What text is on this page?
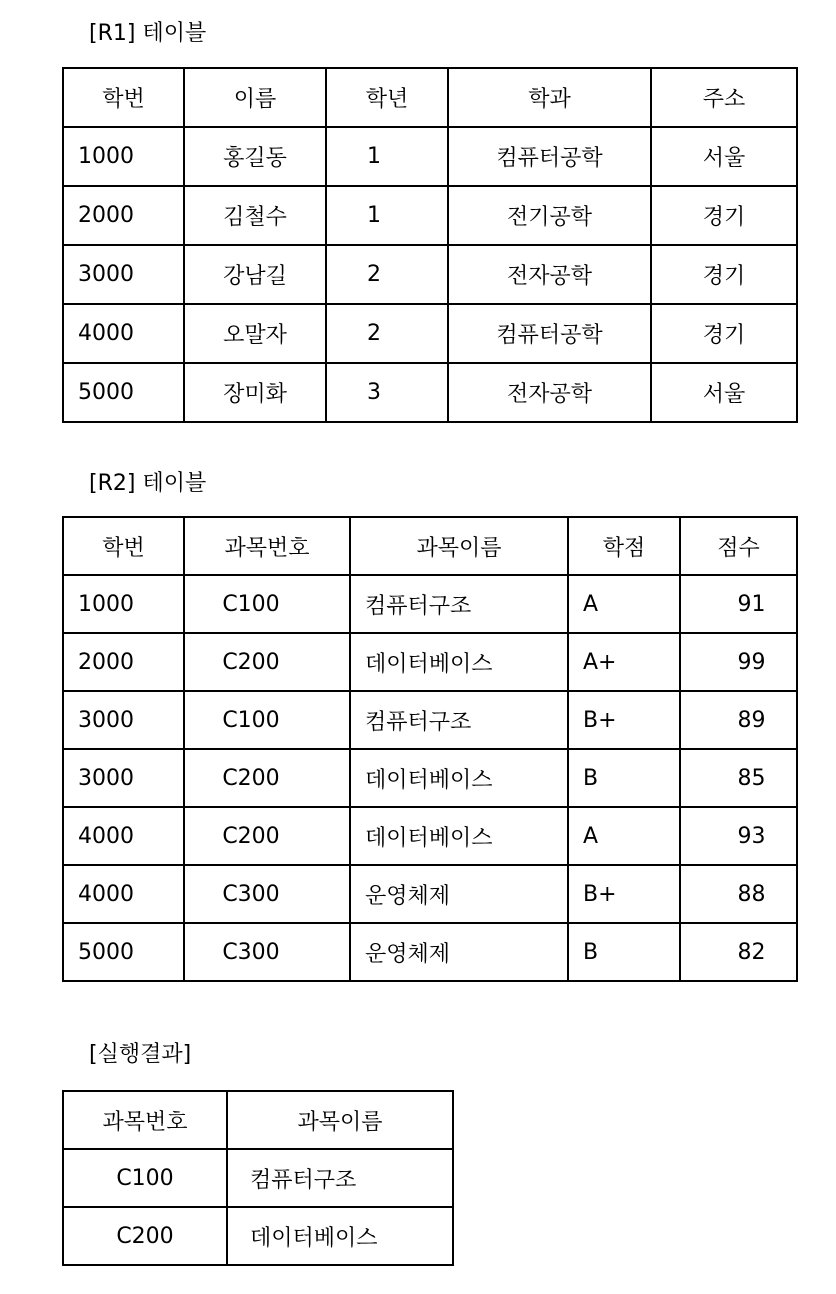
[R1] 테이블
학번	이름	학년	학과	주소
1000	홍길동	1	컴퓨터공학	서울
2000	김철수	1	전기공학	경기
3000	강남길	2	전자공학	경기
4000	오말자	2	컴퓨터공학	경기
5000	장미화	3	전자공학	서울
[R2] 테이블
학번	과목번호	과목이름	학점	점수
1000	C100	컴퓨터구조	A	91
2000	C200	데이터베이스	A+	99
3000	C100	컴퓨터구조	B+	89
3000	C200	데이터베이스	B	85
4000	C200	데이터베이스	A	93
4000	C300	운영체제	B+	88
5000	C300	운영체제	B	82
[실행결과]
과목번호	과목이름
C100	컴퓨터구조
C200	데이터베이스
